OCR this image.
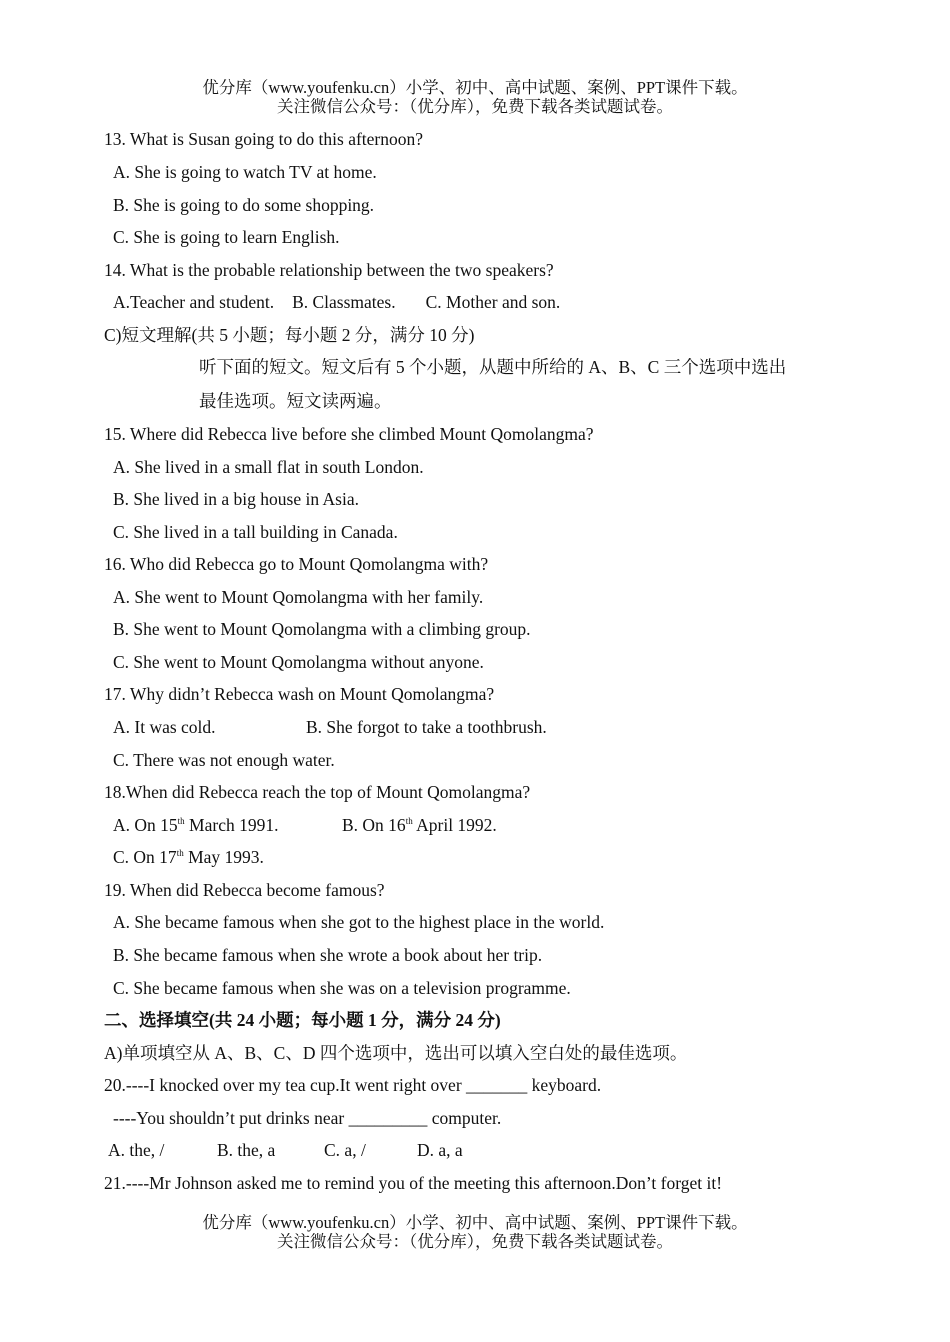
优分库（www.youfenku.cn）小学、初中、高中试题、案例、PPT课件下载。
关注微信公众号：（优分库），免费下载各类试题试卷。
13. What is Susan going to do this afternoon?
A. She is going to watch TV at home.
B. She is going to do some shopping.
C. She is going to learn English.
14. What is the probable relationship between the two speakers?
A.Teacher and student. B. Classmates. C. Mother and son.
C)短文理解(共 5 小题；每小题 2 分，满分 10 分)
听下面的短文。短文后有 5 个小题，从题中所给的 A、B、C 三个选项中选出
最佳选项。短文读两遍。
15. Where did Rebecca live before she climbed Mount Qomolangma?
A. She lived in a small flat in south London.
B. She lived in a big house in Asia.
C. She lived in a tall building in Canada.
16. Who did Rebecca go to Mount Qomolangma with?
A. She went to Mount Qomolangma with her family.
B. She went to Mount Qomolangma with a climbing group.
C. She went to Mount Qomolangma without anyone.
17. Why didn’t Rebecca wash on Mount Qomolangma?
A. It was cold.	B. She forgot to take a toothbrush.
C. There was not enough water.
18.When did Rebecca reach the top of Mount Qomolangma?
A. On 15th March 1991.	B. On 16th April 1992.
C. On 17th May 1993.
19. When did Rebecca become famous?
A. She became famous when she got to the highest place in the world.
B. She became famous when she wrote a book about her trip.
C. She became famous when she was on a television programme.
二、选择填空(共 24 小题；每小题 1 分，满分 24 分)
A)单项填空从 A、B、C、D 四个选项中，选出可以填入空白处的最佳选项。
20.----I knocked over my tea cup.It went right over _______ keyboard.
----You shouldn’t put drinks near _________ computer.
A. the, /	B. the, a	C. a, /	D. a, a
21.----Mr Johnson asked me to remind you of the meeting this afternoon.Don’t forget it!
优分库（www.youfenku.cn）小学、初中、高中试题、案例、PPT课件下载。
关注微信公众号：（优分库），免费下载各类试题试卷。
